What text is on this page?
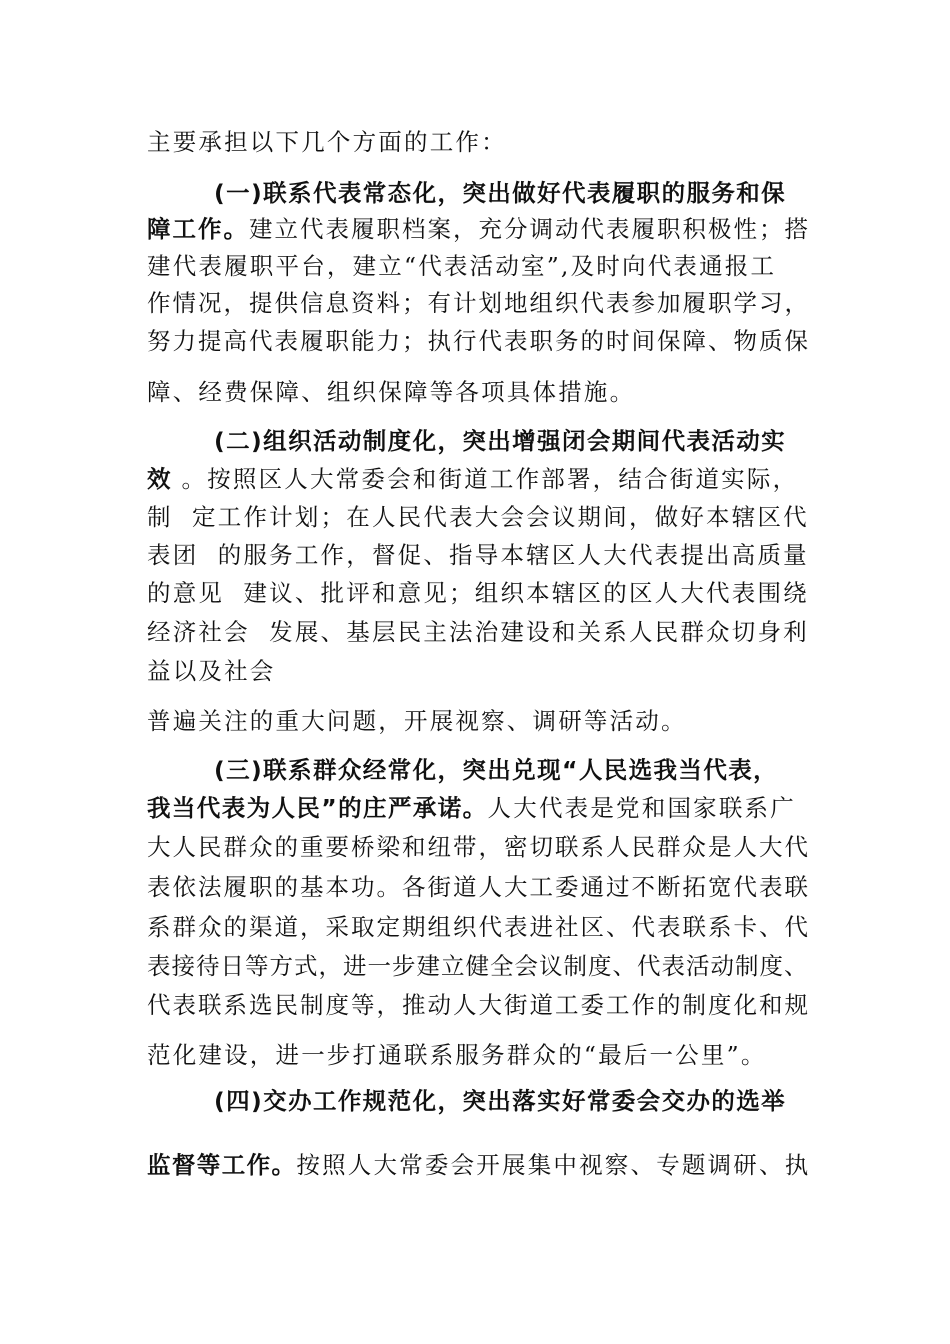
主要承担以下几个方面的工作：
(一)联系代表常态化，突出做好代表履职的服务和保
障工作。建立代表履职档案，充分调动代表履职积极性；搭
建代表履职平台，建立“代表活动室”,及时向代表通报工
作情况，提供信息资料；有计划地组织代表参加履职学习，
努力提高代表履职能力；执行代表职务的时间保障、物质保
障、经费保障、组织保障等各项具体措施。
(二)组织活动制度化，突出增强闭会期间代表活动实
效 。按照区人大常委会和街道工作部署，结合街道实际，
制  定工作计划；在人民代表大会会议期间，做好本辖区代
表团  的服务工作，督促、指导本辖区人大代表提出高质量
的意见  建议、批评和意见；组织本辖区的区人大代表围绕
经济社会  发展、基层民主法治建设和关系人民群众切身利
益以及社会
普遍关注的重大问题，开展视察、调研等活动。
(三)联系群众经常化，突出兑现“人民选我当代表，
我当代表为人民”的庄严承诺。人大代表是党和国家联系广
大人民群众的重要桥梁和纽带，密切联系人民群众是人大代
表依法履职的基本功。各街道人大工委通过不断拓宽代表联
系群众的渠道，采取定期组织代表进社区、代表联系卡、代
表接待日等方式，进一步建立健全会议制度、代表活动制度、
代表联系选民制度等，推动人大街道工委工作的制度化和规
范化建设，进一步打通联系服务群众的“最后一公里”。
(四)交办工作规范化，突出落实好常委会交办的选举
监督等工作。按照人大常委会开展集中视察、专题调研、执
